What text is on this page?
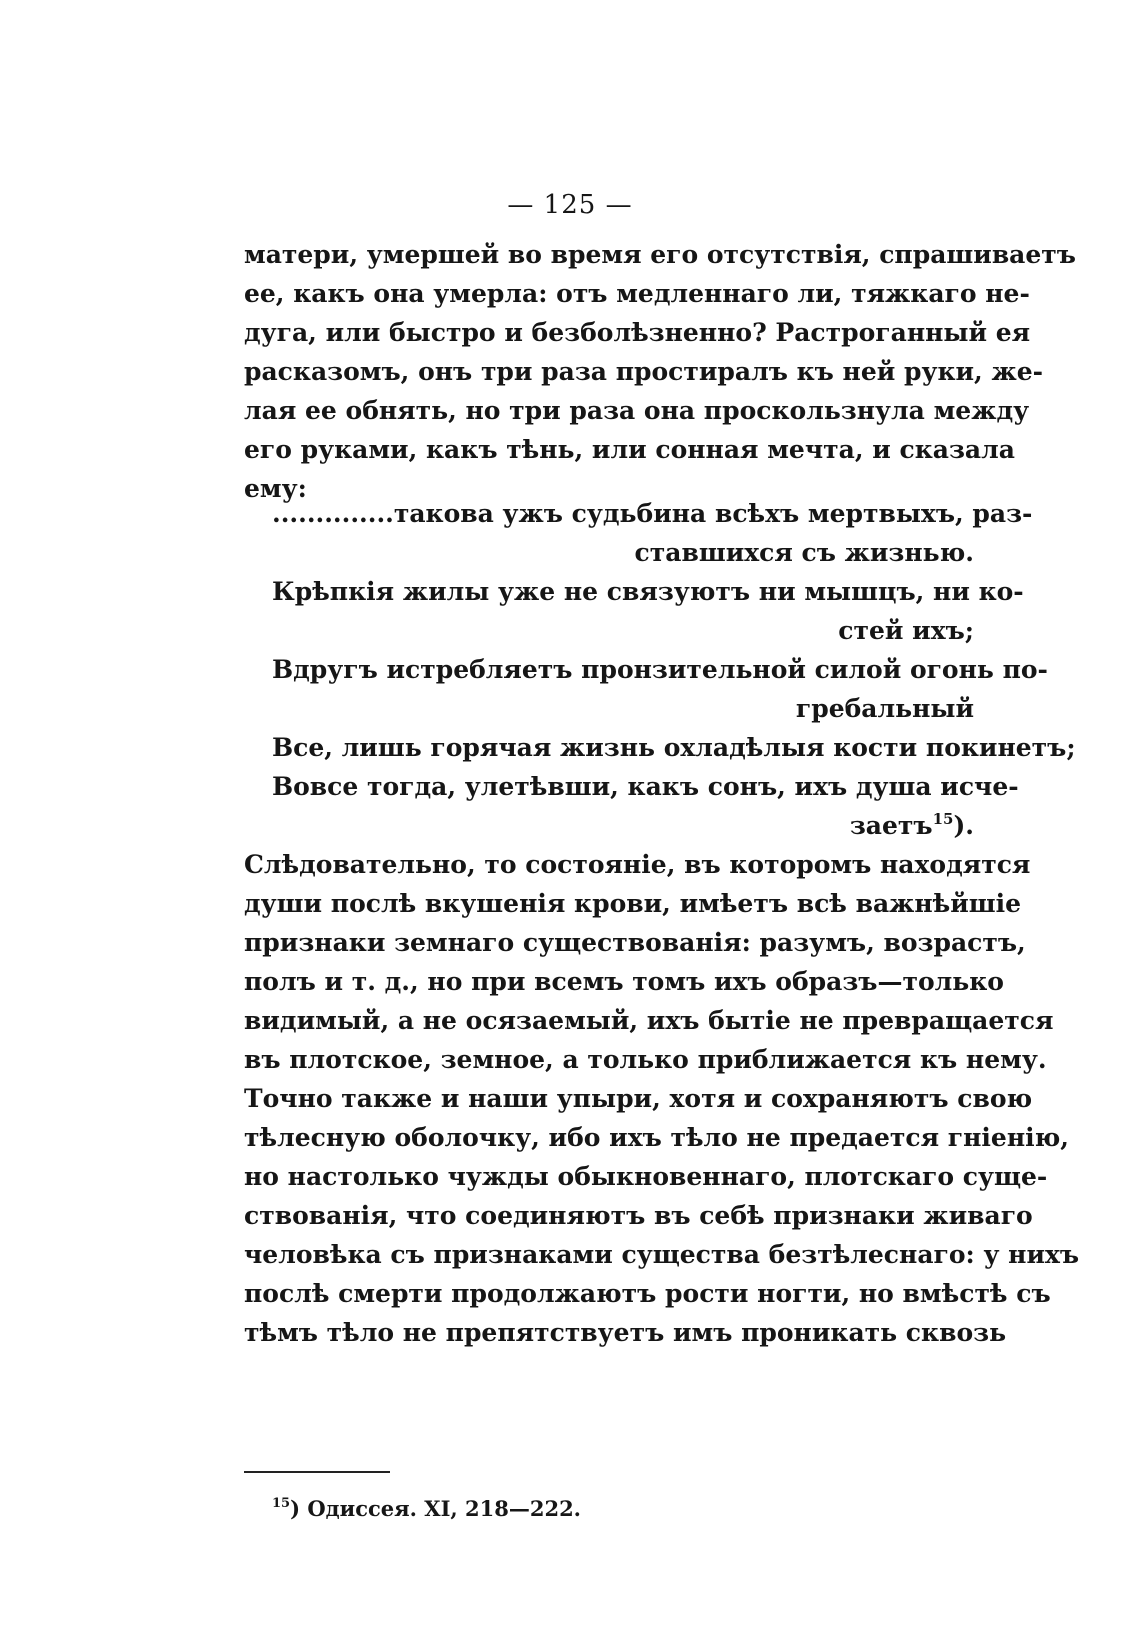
— 125 —
матери, умершей во время его отсутствія, спрашиваетъ
ее, какъ она умерла: отъ медленнаго ли, тяжкаго не-
дуга, или быстро и безболѣзненно? Растроганный ея
расказомъ, онъ три раза простиралъ къ ней руки, же-
лая ее обнять, но три раза она проскользнула между
его руками, какъ тѣнь, или сонная мечта, и сказала
ему:
..............такова ужъ судьбина всѣхъ мертвыхъ, раз-
ставшихся съ жизнью.
Крѣпкія жилы уже не связуютъ ни мышцъ, ни ко-
стей ихъ;
Вдругъ истребляетъ пронзительной силой огонь по-
гребальный
Все, лишь горячая жизнь охладѣлыя кости покинетъ;
Вовсе тогда, улетѣвши, какъ сонъ, ихъ душа исче-
заетъ$^{15}$).
Слѣдовательно, то состояніе, въ которомъ находятся
души послѣ вкушенія крови, имѣетъ всѣ важнѣйшіе
признаки земнаго существованія: разумъ, возрастъ,
полъ и т. д., но при всемъ томъ ихъ образъ—только
видимый, а не осязаемый, ихъ бытіе не превращается
въ плотское, земное, а только приближается къ нему.
Точно также и наши упыри, хотя и сохраняютъ свою
тѣлесную оболочку, ибо ихъ тѣло не предается гніенію,
но настолько чужды обыкновеннаго, плотскаго суще-
ствованія, что соединяютъ въ себѣ признаки живаго
человѣка съ признаками существа безтѣлеснаго: у нихъ
послѣ смерти продолжаютъ рости ногти, но вмѣстѣ съ
тѣмъ тѣло не препятствуетъ имъ проникать сквозь
$^{15}$) Одиссея. XI, 218—222.
